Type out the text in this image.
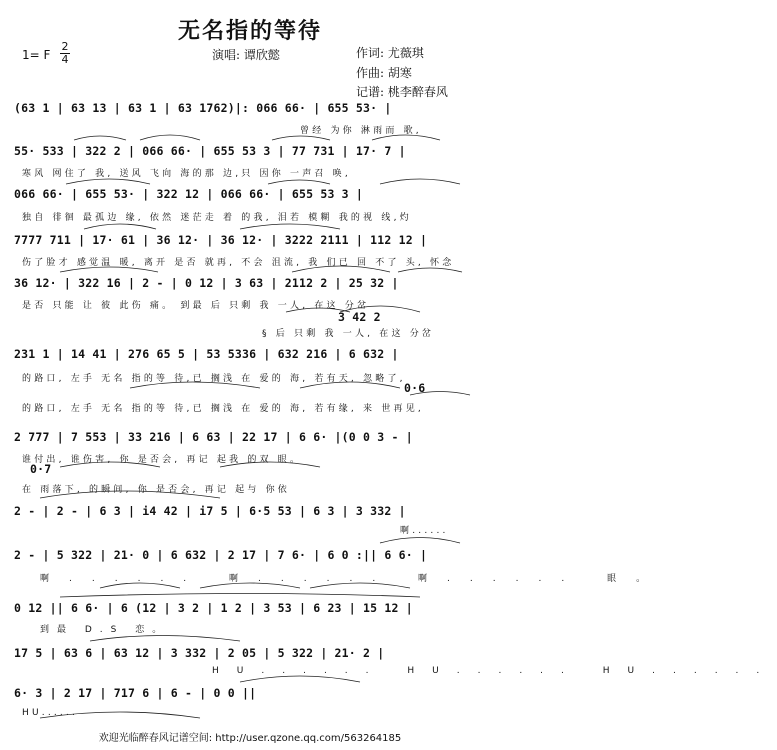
无名指的等待
1= F
2
4	演唱: 谭欣懿	作词: 尤薇琪
作曲: 胡寒
记谱: 桃李醉春风
(63 1 | 63 13 | 63 1 | 63 1762)|: 066 66· | 655 53· |
曾经 为你 淋雨而 歌,
55· 533 | 322 2 | 066 66· | 655 53 3 | 77 731 | 17· 7 |
寒风 网住了 我, 送风 飞向 海的那 边,只 因你 一声召 唤,
066 66· | 655 53· | 322 12 | 066 66· | 655 53 3 |
独自 徘徊 最孤边 缘, 依然 迷茫走 着 的我, 泪若 模糊 我的视 线,灼
7777 711 | 17· 61 | 36 12· | 36 12· | 3222 2111 | 112 12 |
伤了脸才 感觉温 暖, 离开 是否 就再, 不会 沮流, 我 们已 回 不了 头, 怀念
36 12· | 322 16 | 2 - | 0 12 | 3 63 | 2112 2 | 25 32 |
是否 只能 让 彼 此伤 痛。 到最 后 只剩 我 一人, 在这 分岔
3 42 2
§ 后 只剩 我 一人, 在这 分岔
231 1 | 14 41 | 276 65 5 | 53 5336 | 632 216 | 6 632 |
的路口, 左手 无名 指的等 待,已 搁浅 在 爱的 海, 若有天, 忽略了,
0·6
的路口, 左手 无名 指的等 待,已 搁浅 在 爱的 海, 若有缘, 来 世再见,
2 777 | 7 553 | 33 216 | 6 63 | 22 17 | 6 6· |(0 0 3 - |
谁付出, 谁伤害, 你 是否会, 再记 起我 的双 眼。
0·7
在 雨落下, 的瞬间, 你 是否会, 再记 起与 你依
2 - | 2 - | 6 3 | i4 42 | i7 5 | 6·5 53 | 6 3 | 3 332 |
啊......
2 - | 5 322 | 21· 0 | 6 632 | 2 17 | 7 6· | 6 0 :|| 6 6· |
啊...... 啊...... 啊...... 眼。
0 12 || 6 6· | 6 (12 | 3 2 | 1 2 | 3 53 | 6 23 | 15 12 |
到最 D.S 恋。
17 5 | 63 6 | 63 12 | 3 332 | 2 05 | 5 322 | 21· 2 |
HU...... HU...... HU......
6· 3 | 2 17 | 717 6 | 6 - | 0 0 ||
HU......
欢迎光临醉春风记谱空间: http://user.qzone.qq.com/563264185
